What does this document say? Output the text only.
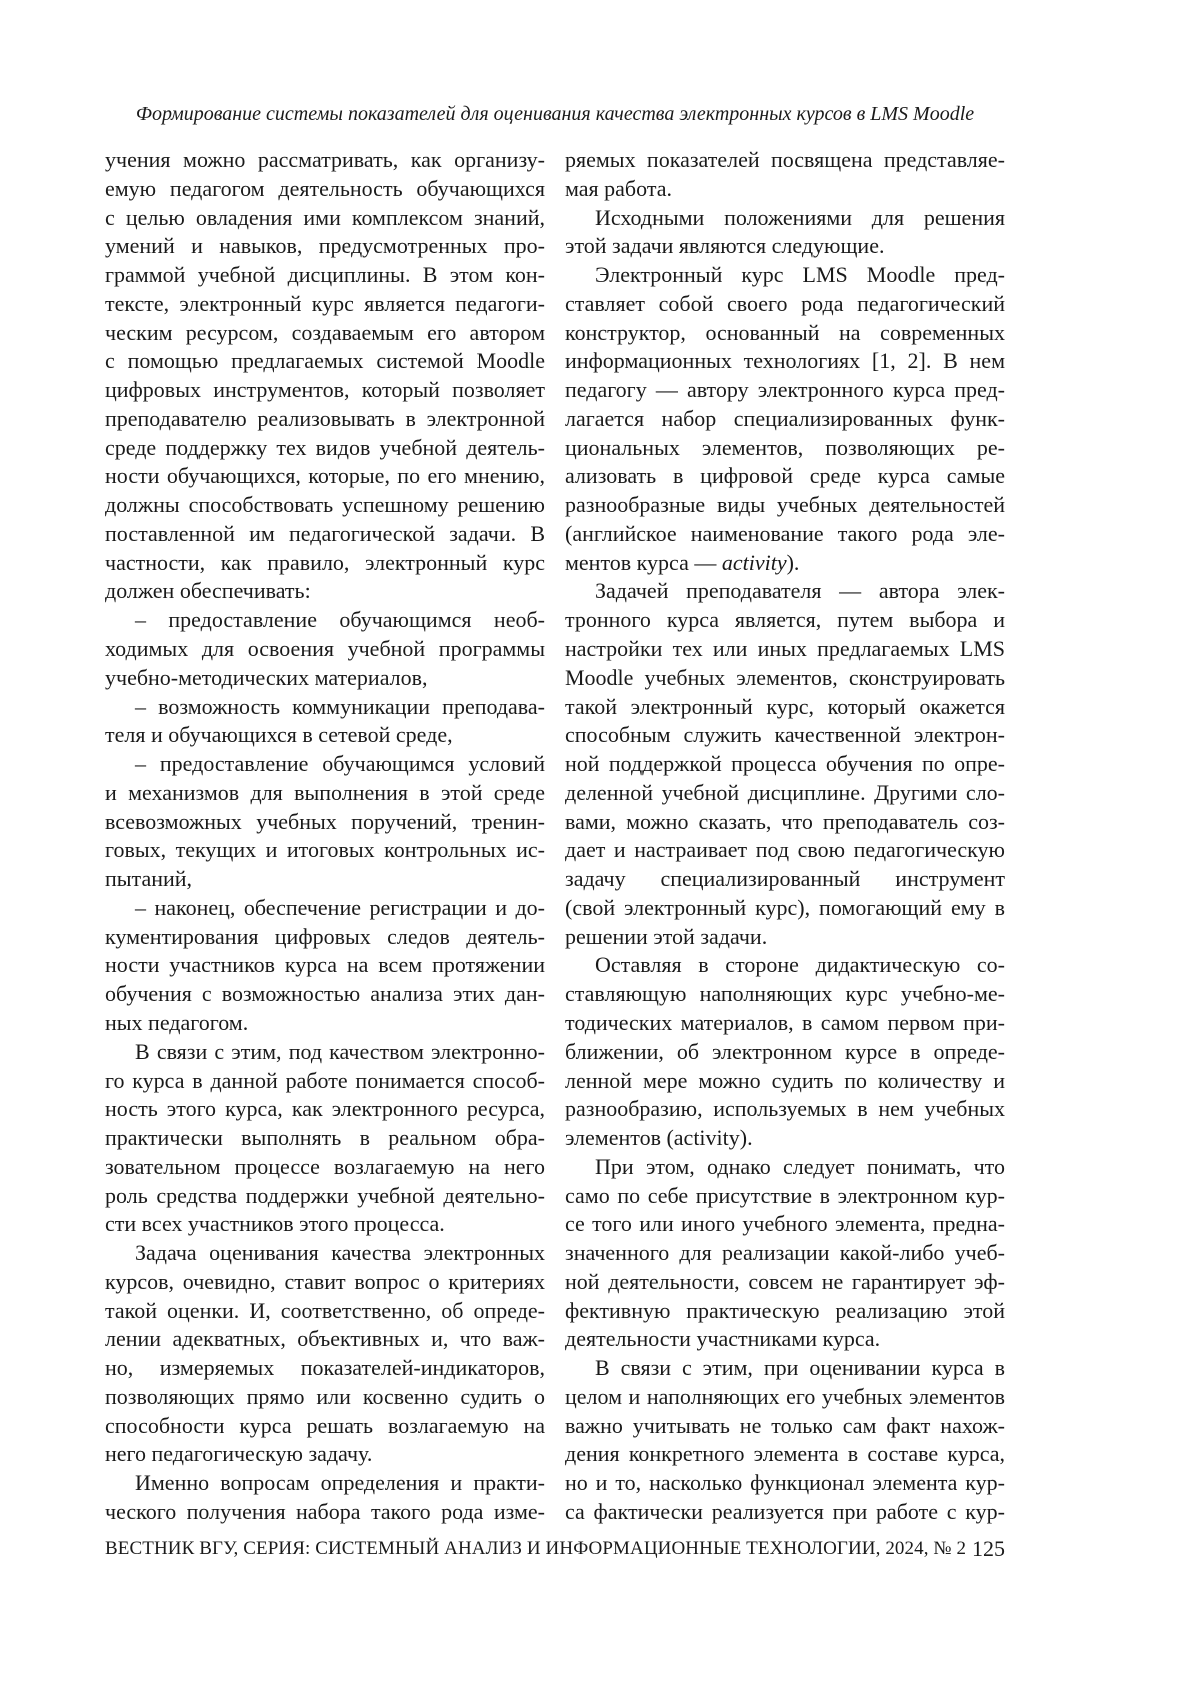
Формирование системы показателей для оценивания качества электронных курсов в LMS Moodle
учения можно рассматривать, как организу-
емую педагогом деятельность обучающихся
с целью овладения ими комплексом знаний,
умений и навыков, предусмотренных про-
граммой учебной дисциплины. В этом кон-
тексте, электронный курс является педагоги-
ческим ресурсом, создаваемым его автором
с помощью предлагаемых системой Moodle
цифровых инструментов, который позволяет
преподавателю реализовывать в электронной
среде поддержку тех видов учебной деятель-
ности обучающихся, которые, по его мнению,
должны способствовать успешному решению
поставленной им педагогической задачи. В
частности, как правило, электронный курс
должен обеспечивать:
– предоставление обучающимся необ-
ходимых для освоения учебной программы
учебно-методических материалов,
– возможность коммуникации преподава-
теля и обучающихся в сетевой среде,
– предоставление обучающимся условий
и механизмов для выполнения в этой среде
всевозможных учебных поручений, тренин-
говых, текущих и итоговых контрольных ис-
пытаний,
– наконец, обеспечение регистрации и до-
кументирования цифровых следов деятель-
ности участников курса на всем протяжении
обучения с возможностью анализа этих дан-
ных педагогом.
В связи с этим, под качеством электронно-
го курса в данной работе понимается способ-
ность этого курса, как электронного ресурса,
практически выполнять в реальном обра-
зовательном процессе возлагаемую на него
роль средства поддержки учебной деятельно-
сти всех участников этого процесса.
Задача оценивания качества электронных
курсов, очевидно, ставит вопрос о критериях
такой оценки. И, соответственно, об опреде-
лении адекватных, объективных и, что важ-
но, измеряемых показателей-индикаторов,
позволяющих прямо или косвенно судить о
способности курса решать возлагаемую на
него педагогическую задачу.
Именно вопросам определения и практи-
ческого получения набора такого рода изме-
ряемых показателей посвящена представляе-
мая работа.
Исходными положениями для решения
этой задачи являются следующие.
Электронный курс LMS Moodle пред-
ставляет собой своего рода педагогический
конструктор, основанный на современных
информационных технологиях [1, 2]. В нем
педагогу — автору электронного курса пред-
лагается набор специализированных функ-
циональных элементов, позволяющих ре-
ализовать в цифровой среде курса самые
разнообразные виды учебных деятельностей
(английское наименование такого рода эле-
ментов курса — activity).
Задачей преподавателя — автора элек-
тронного курса является, путем выбора и
настройки тех или иных предлагаемых LMS
Moodle учебных элементов, сконструировать
такой электронный курс, который окажется
способным служить качественной электрон-
ной поддержкой процесса обучения по опре-
деленной учебной дисциплине. Другими сло-
вами, можно сказать, что преподаватель соз-
дает и настраивает под свою педагогическую
задачу специализированный инструмент
(свой электронный курс), помогающий ему в
решении этой задачи.
Оставляя в стороне дидактическую со-
ставляющую наполняющих курс учебно-ме-
тодических материалов, в самом первом при-
ближении, об электронном курсе в опреде-
ленной мере можно судить по количеству и
разнообразию, используемых в нем учебных
элементов (activity).
При этом, однако следует понимать, что
само по себе присутствие в электронном кур-
се того или иного учебного элемента, предна-
значенного для реализации какой-либо учеб-
ной деятельности, совсем не гарантирует эф-
фективную практическую реализацию этой
деятельности участниками курса.
В связи с этим, при оценивании курса в
целом и наполняющих его учебных элементов
важно учитывать не только сам факт нахож-
дения конкретного элемента в составе курса,
но и то, насколько функционал элемента кур-
са фактически реализуется при работе с кур-
ВЕСТНИК ВГУ, СЕРИЯ: СИСТЕМНЫЙ АНАЛИЗ И ИНФОРМАЦИОННЫЕ ТЕХНОЛОГИИ, 2024, № 2 125
